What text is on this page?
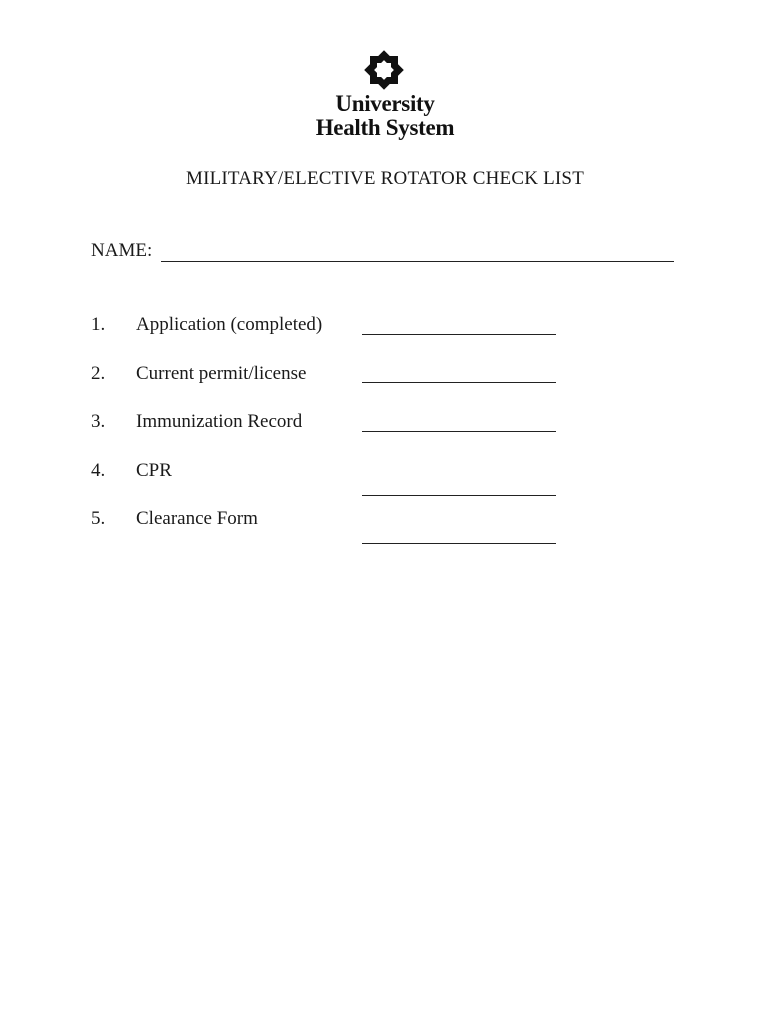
University
Health System
MILITARY/ELECTIVE ROTATOR CHECK LIST
NAME:
1. Application (completed)
2. Current permit/license
3. Immunization Record
4. CPR
5. Clearance Form
